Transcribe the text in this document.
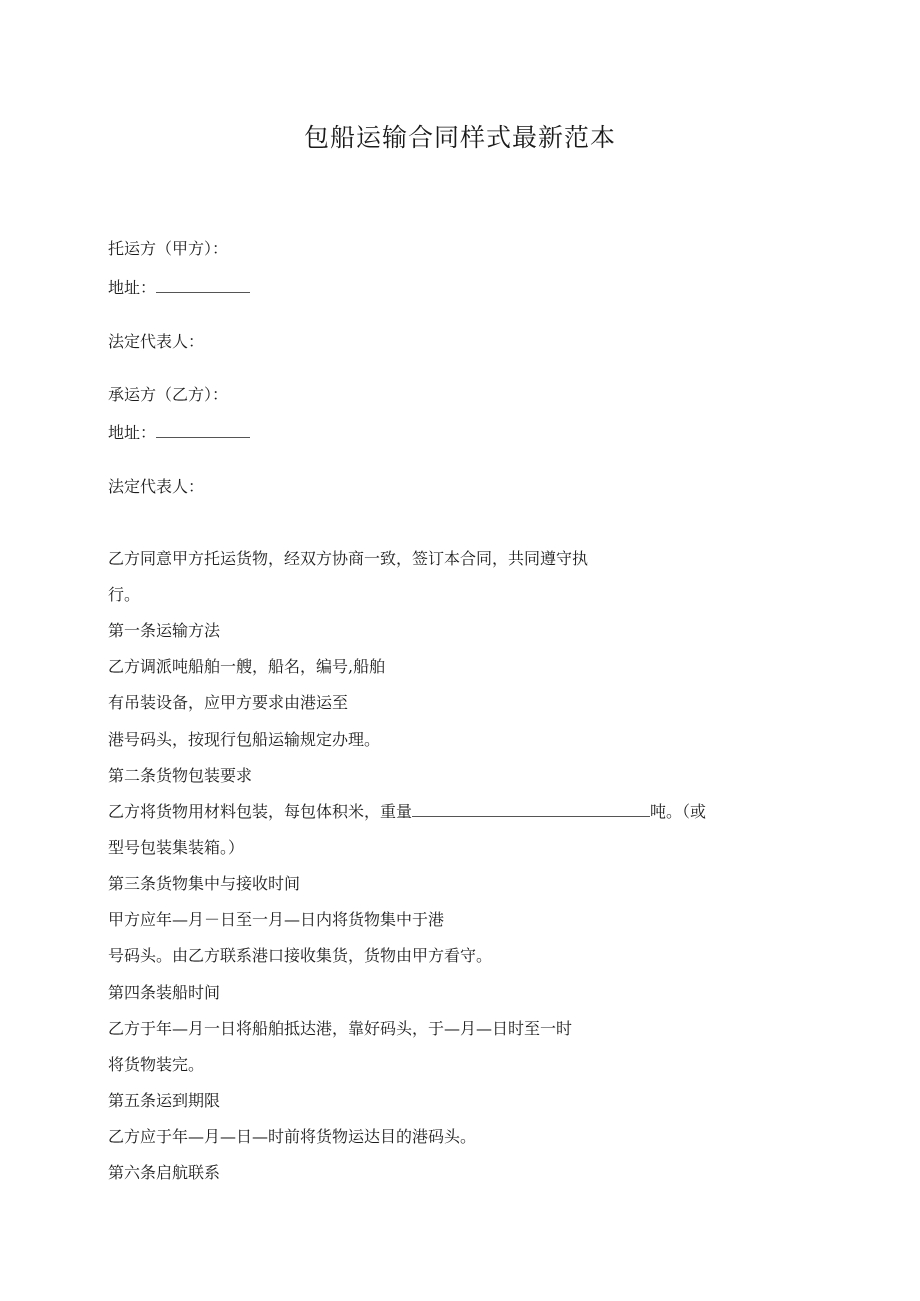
包船运输合同样式最新范本
托运方（甲方）：
地址：
法定代表人：
承运方（乙方）：
地址：
法定代表人：
乙方同意甲方托运货物，经双方协商一致，签订本合同，共同遵守执
行。
第一条运输方法
乙方调派吨船舶一艘，船名，编号,船舶
有吊装设备，应甲方要求由港运至
港号码头，按现行包船运输规定办理。
第二条货物包装要求
乙方将货物用材料包装，每包体积米，重量	吨。（或
型号包装集装箱。）
第三条货物集中与接收时间
甲方应年—月－日至一月—日内将货物集中于港
号码头。由乙方联系港口接收集货，货物由甲方看守。
第四条装船时间
乙方于年—月一日将船舶抵达港，靠好码头，于—月—日时至一时
将货物装完。
第五条运到期限
乙方应于年—月—日—时前将货物运达目的港码头。
第六条启航联系
